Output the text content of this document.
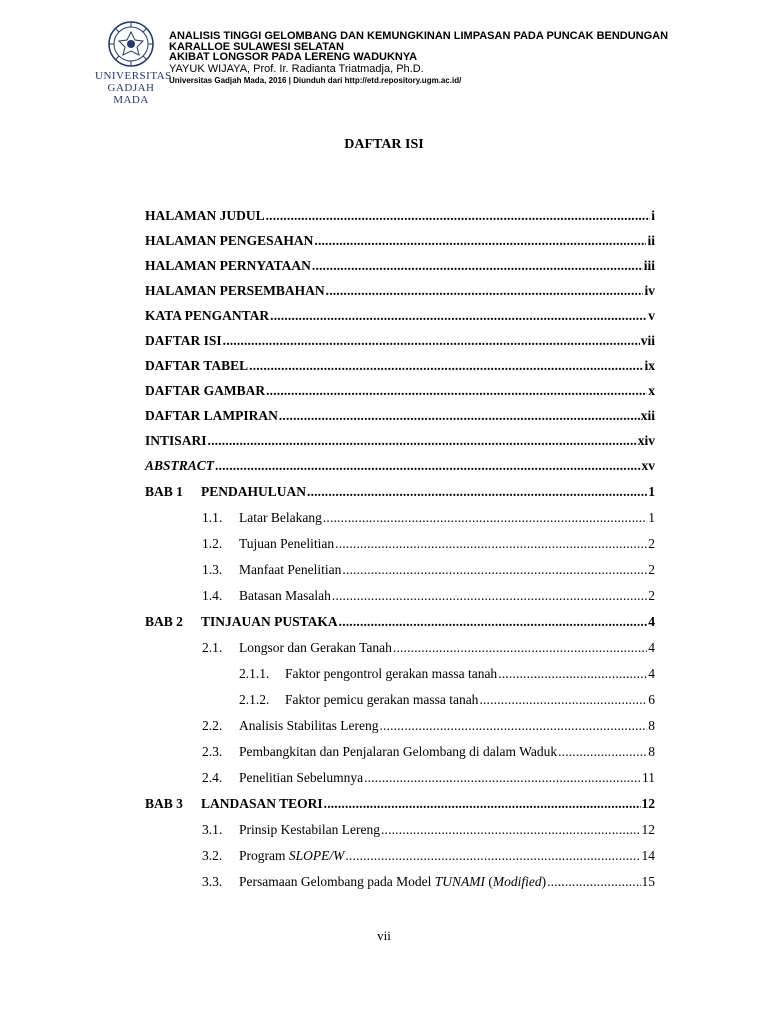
UNIVERSITAS
GADJAH MADA
ANALISIS TINGGI GELOMBANG DAN KEMUNGKINAN LIMPASAN PADA PUNCAK BENDUNGAN
KARALLOE SULAWESI SELATAN
AKIBAT LONGSOR PADA LERENG WADUKNYA
YAYUK WIJAYA, Prof. Ir. Radianta Triatmadja, Ph.D.
Universitas Gadjah Mada, 2016 | Diunduh dari http://etd.repository.ugm.ac.id/
DAFTAR ISI
HALAMAN JUDUL . . .	i
HALAMAN PENGESAHAN . . .	ii
HALAMAN PERNYATAAN . . .	iii
HALAMAN PERSEMBAHAN . . .	iv
KATA PENGANTAR . . .	v
DAFTAR ISI . . .	vii
DAFTAR TABEL . . .	ix
DAFTAR GAMBAR . . .	x
DAFTAR LAMPIRAN . . .	xii
INTISARI . . .	xiv
ABSTRACT . . .	xv
BAB 1 PENDAHULUAN . . .	1
1.1. Latar Belakang . . .	1
1.2. Tujuan Penelitian . . .	2
1.3. Manfaat Penelitian . . .	2
1.4. Batasan Masalah . . .	2
BAB 2 TINJAUAN PUSTAKA . . .	4
2.1. Longsor dan Gerakan Tanah . . .	4
2.1.1. Faktor pengontrol gerakan massa tanah . . .	4
2.1.2. Faktor pemicu gerakan massa tanah . . .	6
2.2. Analisis Stabilitas Lereng . . .	8
2.3. Pembangkitan dan Penjalaran Gelombang di dalam Waduk . . .	8
2.4. Penelitian Sebelumnya . . .	11
BAB 3 LANDASAN TEORI . . .	12
3.1. Prinsip Kestabilan Lereng . . .	12
3.2. Program SLOPE/W . . .	14
3.3. Persamaan Gelombang pada Model TUNAMI (Modified) . . .	15
vii
